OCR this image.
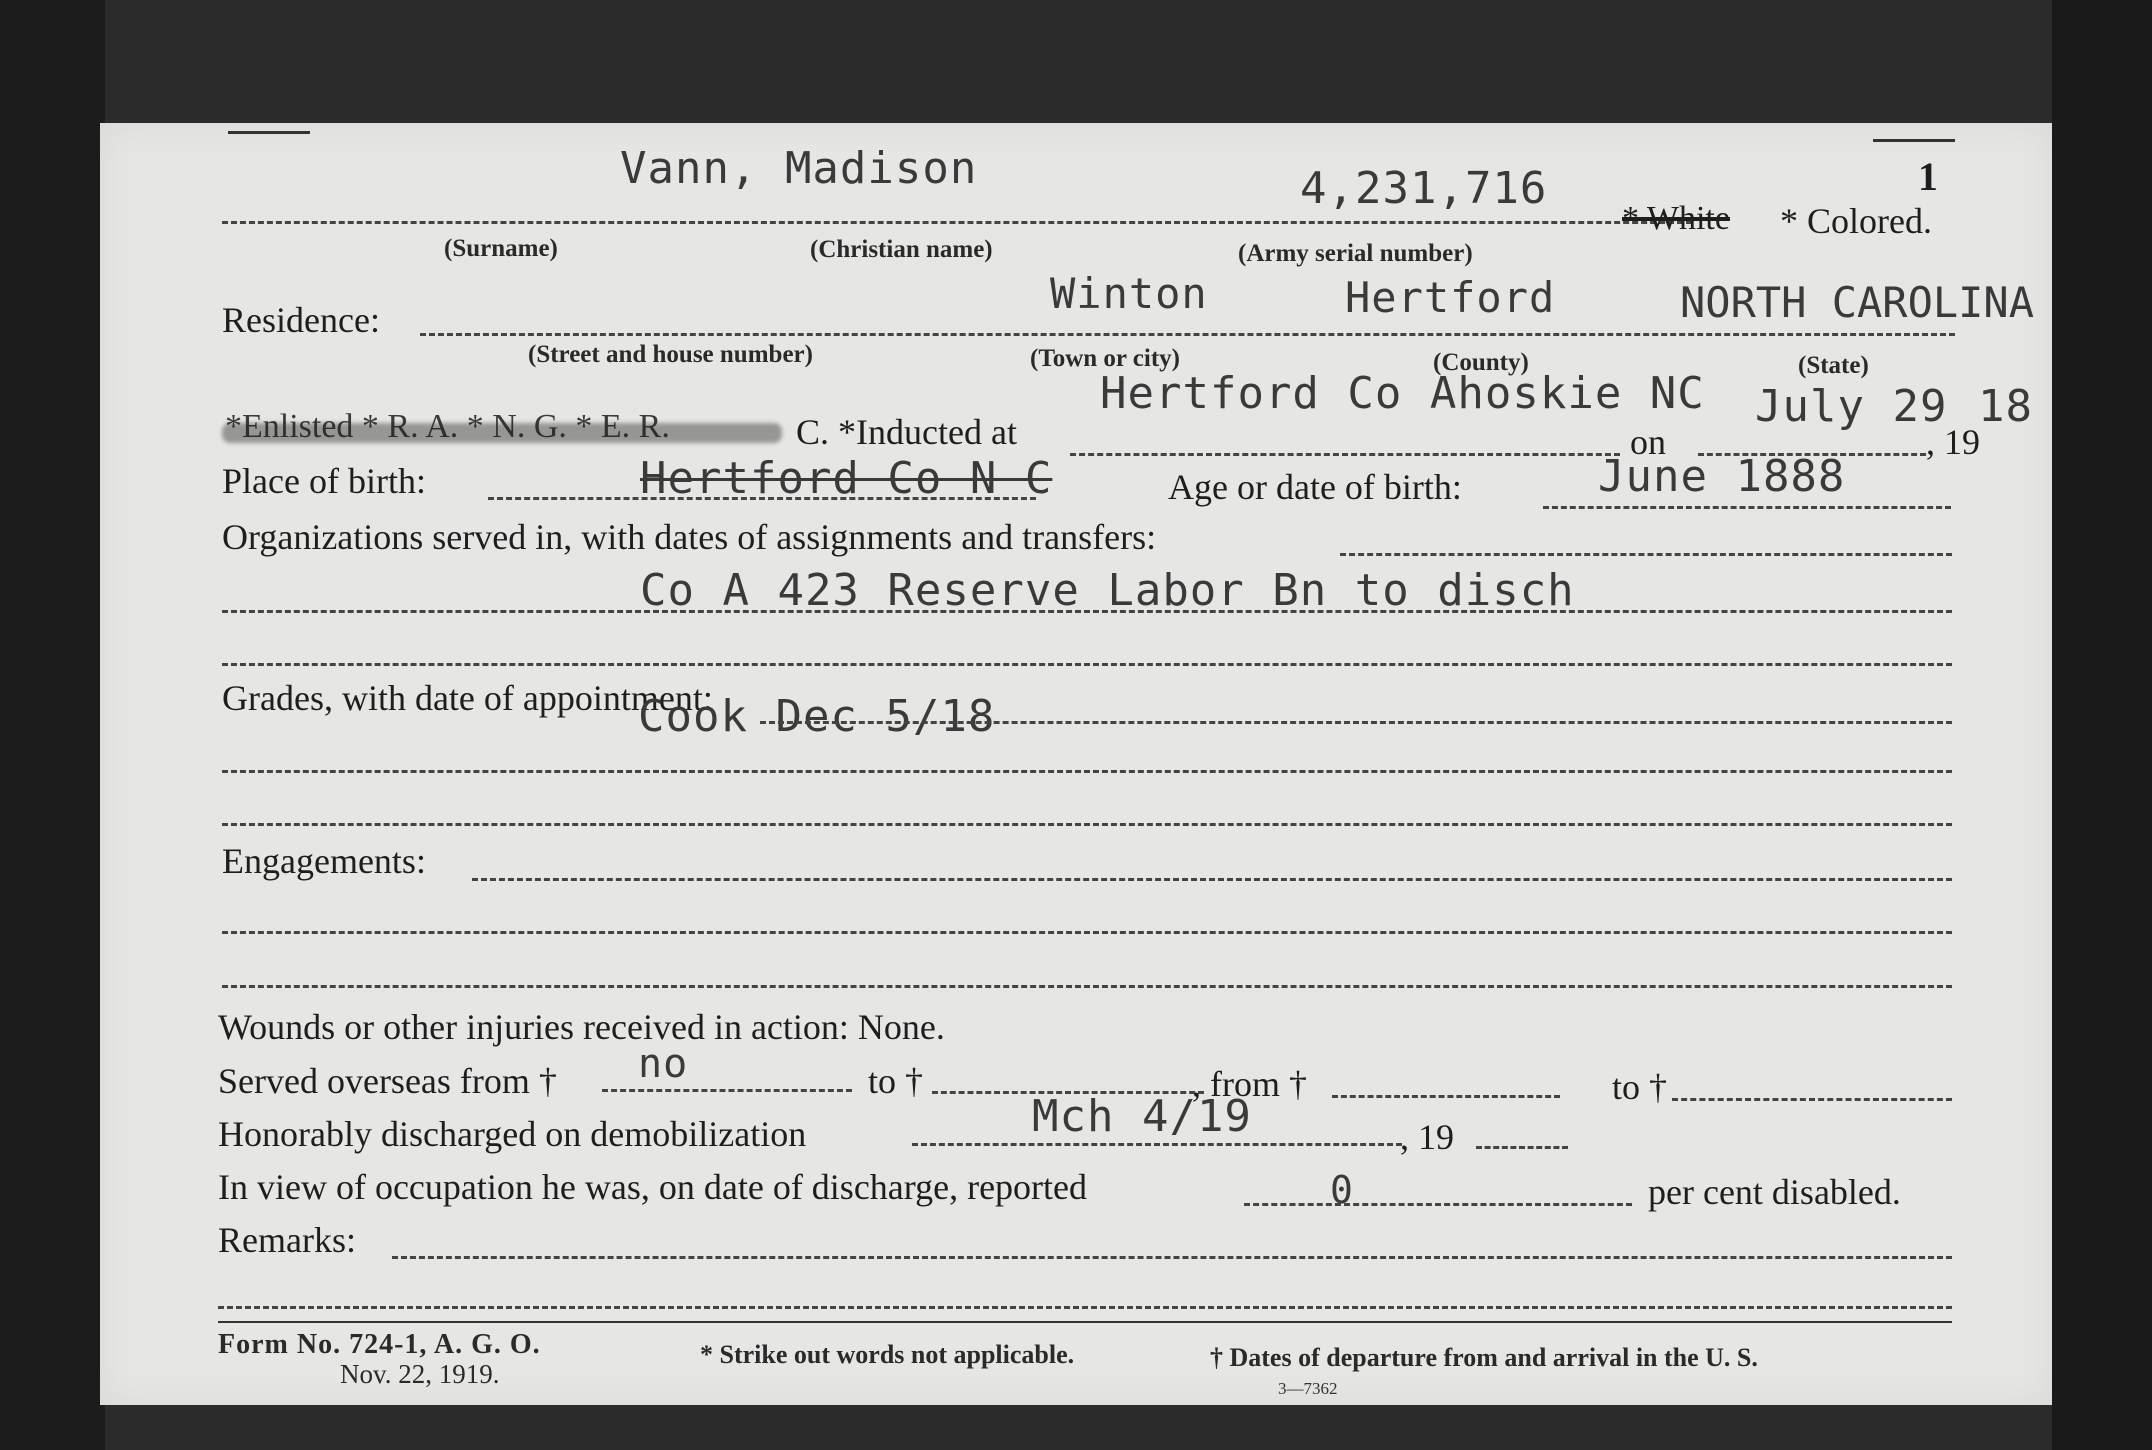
Vann, Madison	4,231,716	1
* White * Colored.
(Surname)	(Christian name)	(Army serial number)
Winton	Hertford	NORTH CAROLINA
Residence:
(Street and house number)	(Town or city)	(County)	(State)
Hertford Co Ahoskie NC July 29 18
*Enlisted * R. A. * N. G. * E. R.	C. *Inducted at	on	, 19
Place of birth:	Hertford Co N C	Age or date of birth:	June 1888
Organizations served in, with dates of assignments and transfers:
Co A 423 Reserve Labor Bn to disch
Grades, with date of appointment:
Cook Dec 5/18
Engagements:
Wounds or other injuries received in action: None.
Served overseas from † no	to †	, from †	to †
Honorably discharged on demobilization	Mch 4/19	, 19
In view of occupation he was, on date of discharge, reported	0	per cent disabled.
Remarks:
Form No. 724-1, A. G. O.
Nov. 22, 1919.
* Strike out words not applicable.	† Dates of departure from and arrival in the U. S.
3—7362
